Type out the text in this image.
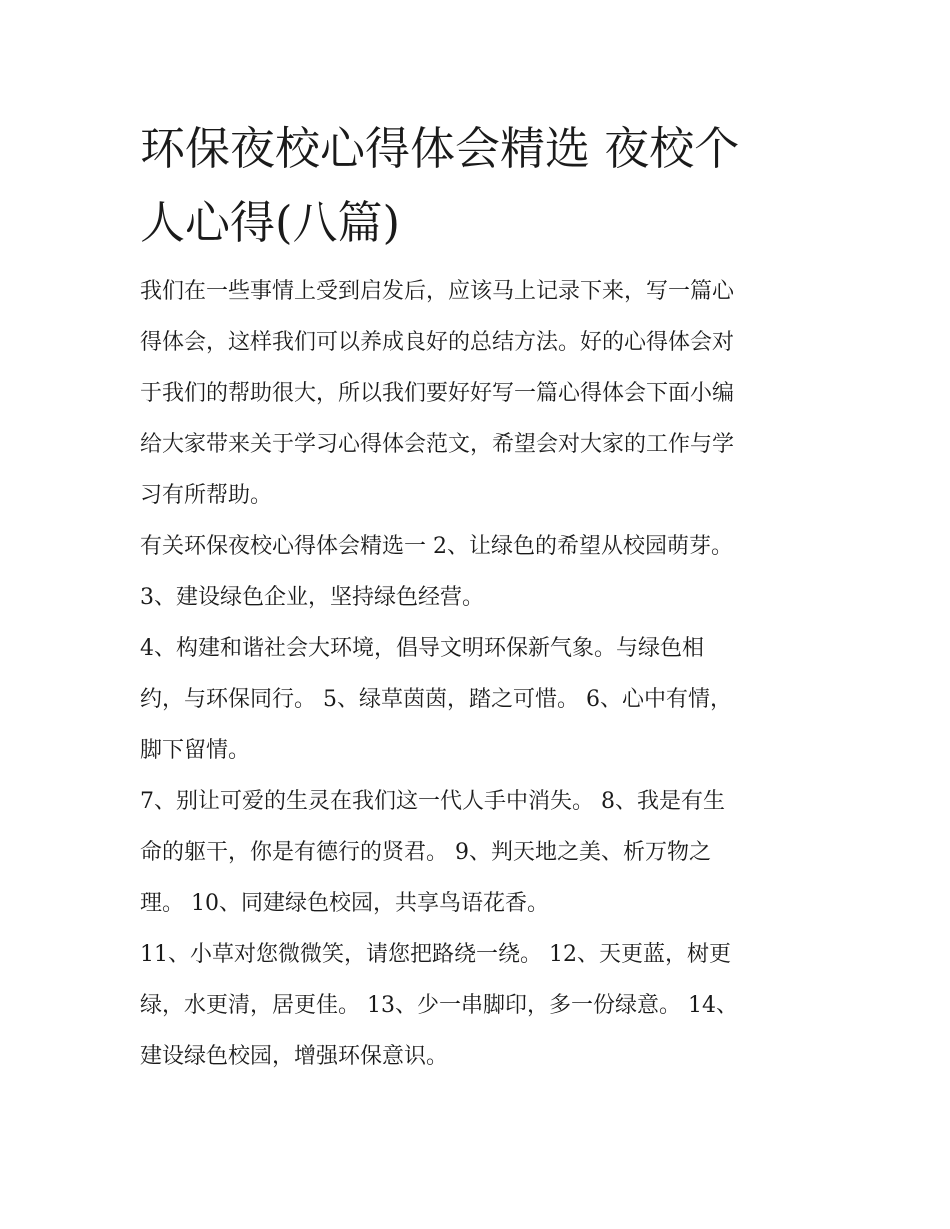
环保夜校心得体会精选 夜校个
人心得(八篇)

我们在一些事情上受到启发后，应该马上记录下来，写一篇心
得体会，这样我们可以养成良好的总结方法。好的心得体会对
于我们的帮助很大，所以我们要好好写一篇心得体会下面小编
给大家带来关于学习心得体会范文，希望会对大家的工作与学
习有所帮助。

有关环保夜校心得体会精选一 2、让绿色的希望从校园萌芽。

3、建设绿色企业，坚持绿色经营。

4、构建和谐社会大环境，倡导文明环保新气象。与绿色相
约，与环保同行。 5、绿草茵茵，踏之可惜。 6、心中有情，
脚下留情。

7、别让可爱的生灵在我们这一代人手中消失。 8、我是有生
命的躯干，你是有德行的贤君。 9、判天地之美、析万物之
理。 10、同建绿色校园，共享鸟语花香。

11、小草对您微微笑，请您把路绕一绕。 12、天更蓝，树更
绿，水更清，居更佳。 13、少一串脚印，多一份绿意。 14、
建设绿色校园，增强环保意识。
